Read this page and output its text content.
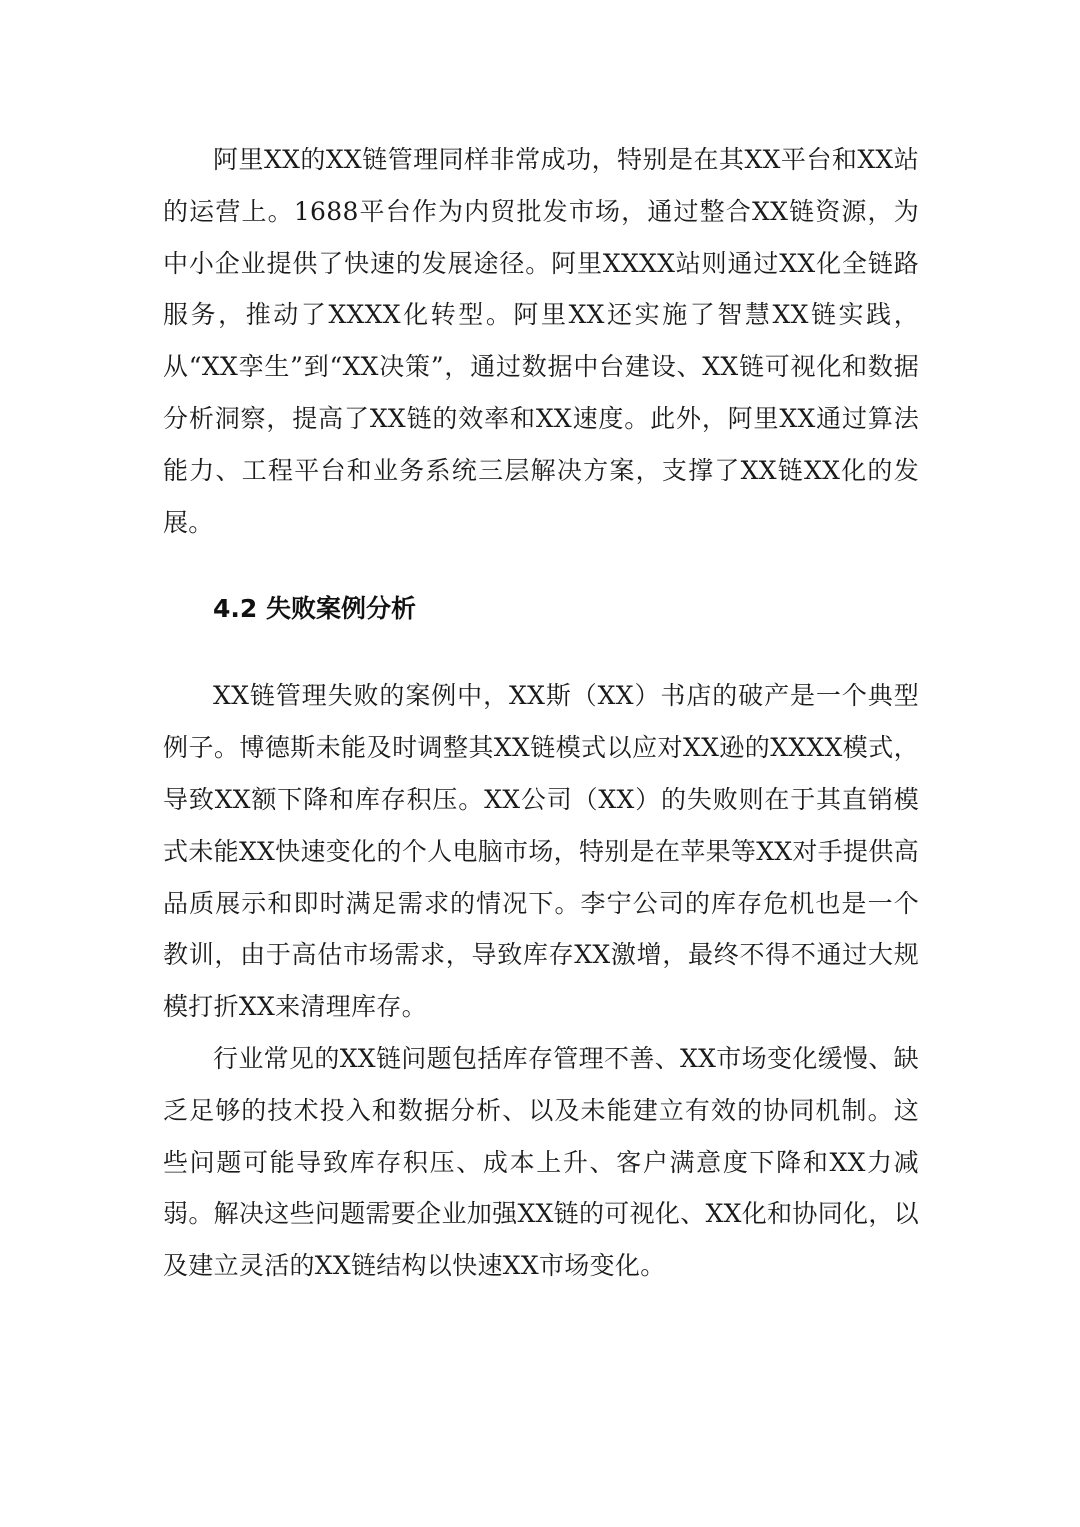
阿里XX的XX链管理同样非常成功，特别是在其XX平台和XX站的运营上。1688平台作为内贸批发市场，通过整合XX链资源，为中小企业提供了快速的发展途径。阿里XXXX站则通过XX化全链路服务，推动了XXXX化转型。阿里XX还实施了智慧XX链实践，从“XX孪生”到“XX决策”，通过数据中台建设、XX链可视化和数据分析洞察，提高了XX链的效率和XX速度。此外，阿里XX通过算法能力、工程平台和业务系统三层解决方案，支撑了XX链XX化的发展。

4.2 失败案例分析

XX链管理失败的案例中，XX斯（XX）书店的破产是一个典型例子。博德斯未能及时调整其XX链模式以应对XX逊的XXXX模式，导致XX额下降和库存积压。XX公司（XX）的失败则在于其直销模式未能XX快速变化的个人电脑市场，特别是在苹果等XX对手提供高品质展示和即时满足需求的情况下。李宁公司的库存危机也是一个教训，由于高估市场需求，导致库存XX激增，最终不得不通过大规模打折XX来清理库存。

行业常见的XX链问题包括库存管理不善、XX市场变化缓慢、缺乏足够的技术投入和数据分析、以及未能建立有效的协同机制。这些问题可能导致库存积压、成本上升、客户满意度下降和XX力减弱。解决这些问题需要企业加强XX链的可视化、XX化和协同化，以及建立灵活的XX链结构以快速XX市场变化。
